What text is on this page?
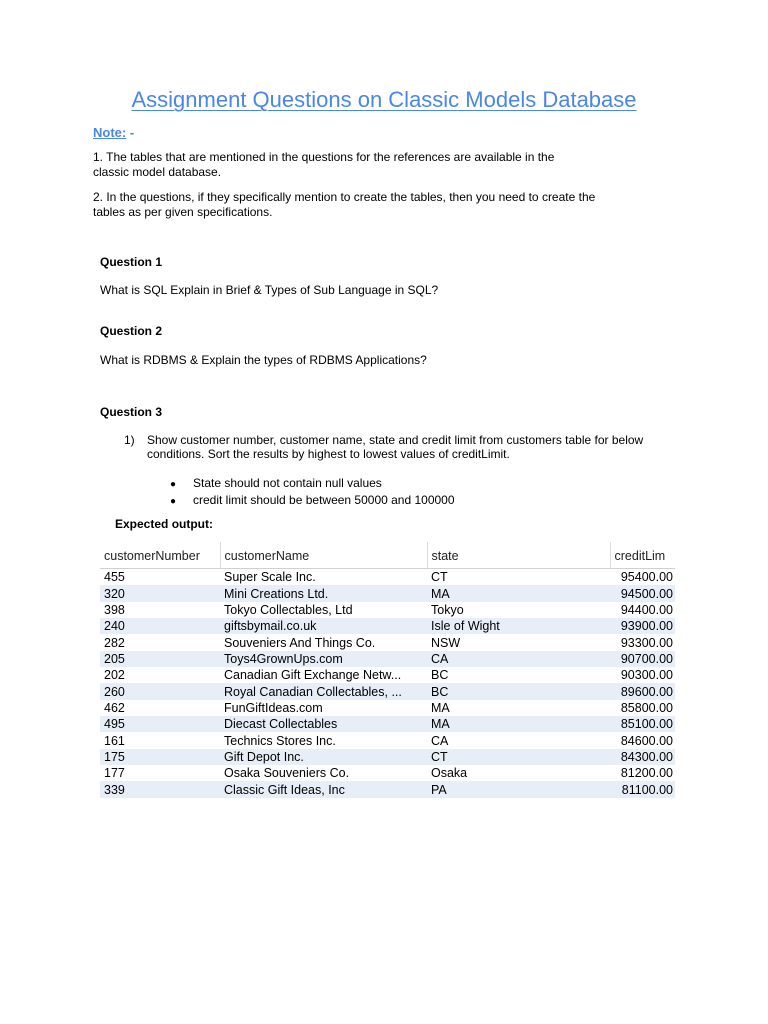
Assignment Questions on Classic Models Database
Note: -
1. The tables that are mentioned in the questions for the references are available in the
classic model database.
2. In the questions, if they specifically mention to create the tables, then you need to create the
tables as per given specifications.
Question 1
What is SQL Explain in Brief & Types of Sub Language in SQL?
Question 2
What is RDBMS & Explain the types of RDBMS Applications?
Question 3
1) Show customer number, customer name, state and credit limit from customers table for below conditions. Sort the results by highest to lowest values of creditLimit.
● State should not contain null values
● credit limit should be between 50000 and 100000
Expected output:
customerNumber	customerName	state	creditLim
455	Super Scale Inc.	CT	95400.00
320	Mini Creations Ltd.	MA	94500.00
398	Tokyo Collectables, Ltd	Tokyo	94400.00
240	giftsbymail.co.uk	Isle of Wight	93900.00
282	Souveniers And Things Co.	NSW	93300.00
205	Toys4GrownUps.com	CA	90700.00
202	Canadian Gift Exchange Netw...	BC	90300.00
260	Royal Canadian Collectables, ...	BC	89600.00
462	FunGiftIdeas.com	MA	85800.00
495	Diecast Collectables	MA	85100.00
161	Technics Stores Inc.	CA	84600.00
175	Gift Depot Inc.	CT	84300.00
177	Osaka Souveniers Co.	Osaka	81200.00
339	Classic Gift Ideas, Inc	PA	81100.00
